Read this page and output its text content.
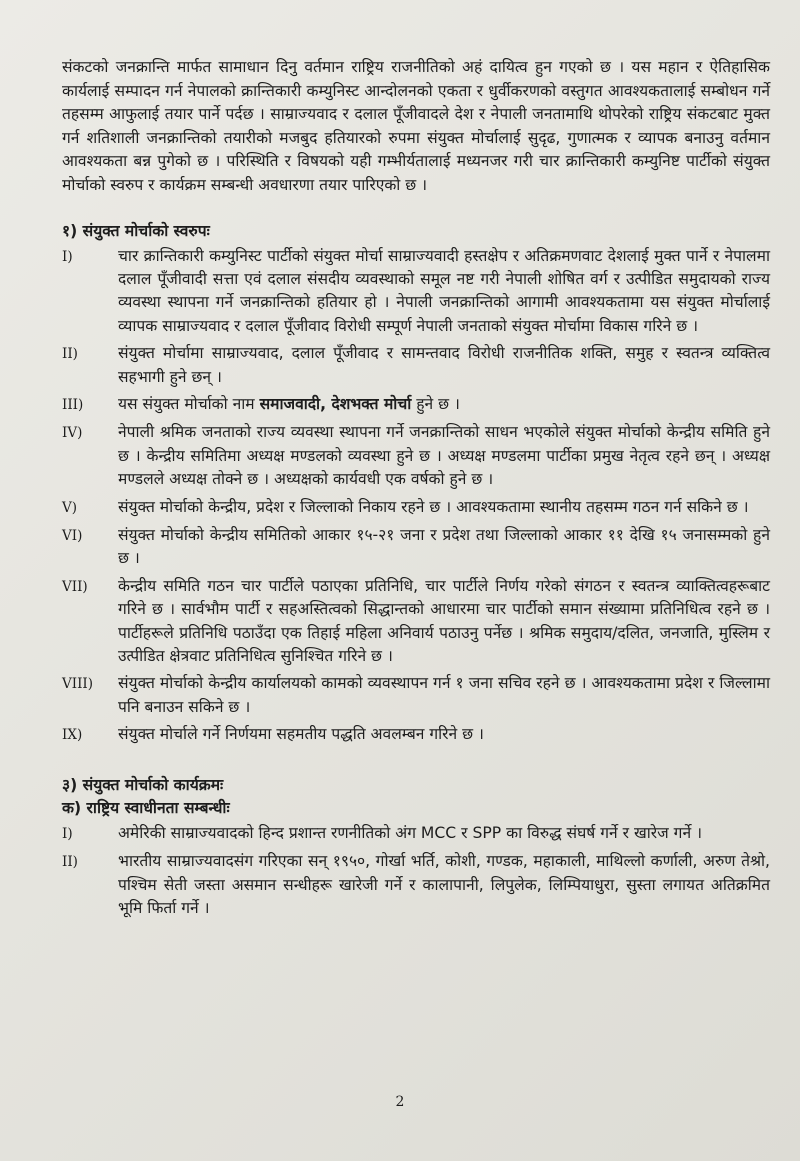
संकटको जनक्रान्ति मार्फत सामाधान दिनु वर्तमान राष्ट्रिय राजनीतिको अहं दायित्व हुन गएको छ । यस महान र ऐतिहासिक कार्यलाई सम्पादन गर्न नेपालको क्रान्तिकारी कम्युनिस्ट आन्दोलनको एकता र धुर्वीकरणको वस्तुगत आवश्यकतालाई सम्बोधन गर्ने तहसम्म आफुलाई तयार पार्ने पर्दछ । साम्राज्यवाद र दलाल पूँजीवादले देश र नेपाली जनतामाथि थोपरेको राष्ट्रिय संकटबाट मुक्त गर्न शतिशाली जनक्रान्तिको तयारीको मजबुद हतियारको रुपमा संयुक्त मोर्चालाई सुदृढ, गुणात्मक र व्यापक बनाउनु वर्तमान आवश्यकता बन्न पुगेको छ । परिस्थिति र विषयको यही गम्भीर्यतालाई मध्यनजर गरी चार क्रान्तिकारी कम्युनिष्ट पार्टीको संयुक्त मोर्चाको स्वरुप र कार्यक्रम सम्बन्धी अवधारणा तयार पारिएको छ ।

१) संयुक्त मोर्चाको स्वरुपः
I)	चार क्रान्तिकारी कम्युनिस्ट पार्टीको संयुक्त मोर्चा साम्राज्यवादी हस्तक्षेप र अतिक्रमणवाट देशलाई मुक्त पार्ने र नेपालमा दलाल पूँजीवादी सत्ता एवं दलाल संसदीय व्यवस्थाको समूल नष्ट गरी नेपाली शोषित वर्ग र उत्पीडित समुदायको राज्य व्यवस्था स्थापना गर्ने जनक्रान्तिको हतियार हो । नेपाली जनक्रान्तिको आगामी आवश्यकतामा यस संयुक्त मोर्चालाई व्यापक साम्राज्यवाद र दलाल पूँजीवाद विरोधी सम्पूर्ण नेपाली जनताको संयुक्त मोर्चामा विकास गरिने छ ।
II)	संयुक्त मोर्चामा साम्राज्यवाद, दलाल पूँजीवाद र सामन्तवाद विरोधी राजनीतिक शक्ति, समुह र स्वतन्त्र व्यक्तित्व सहभागी हुने छन् ।
III)	यस संयुक्त मोर्चाको नाम समाजवादी, देशभक्त मोर्चा हुने छ ।
IV)	नेपाली श्रमिक जनताको राज्य व्यवस्था स्थापना गर्ने जनक्रान्तिको साधन भएकोले संयुक्त मोर्चाको केन्द्रीय समिति हुने छ । केन्द्रीय समितिमा अध्यक्ष मण्डलको व्यवस्था हुने छ । अध्यक्ष मण्डलमा पार्टीका प्रमुख नेतृत्व रहने छन् । अध्यक्ष मण्डलले अध्यक्ष तोक्ने छ । अध्यक्षको कार्यवधी एक वर्षको हुने छ ।
V)	संयुक्त मोर्चाको केन्द्रीय, प्रदेश र जिल्लाको निकाय रहने छ । आवश्यकतामा स्थानीय तहसम्म गठन गर्न सकिने छ ।
VI)	संयुक्त मोर्चाको केन्द्रीय समितिको आकार १५-२१ जना र प्रदेश तथा जिल्लाको आकार ११ देखि १५ जनासम्मको हुने छ ।
VII)	केन्द्रीय समिति गठन चार पार्टीले पठाएका प्रतिनिधि, चार पार्टीले निर्णय गरेको संगठन र स्वतन्त्र व्याक्तित्वहरूबाट गरिने छ । सार्वभौम पार्टी र सहअस्तित्वको सिद्धान्तको आधारमा चार पार्टीको समान संख्यामा प्रतिनिधित्व रहने छ । पार्टीहरूले प्रतिनिधि पठाउँदा एक तिहाई महिला अनिवार्य पठाउनु पर्नेछ । श्रमिक समुदाय/दलित, जनजाति, मुस्लिम र उत्पीडित क्षेत्रवाट प्रतिनिधित्व सुनिश्चित गरिने छ ।
VIII)	संयुक्त मोर्चाको केन्द्रीय कार्यालयको कामको व्यवस्थापन गर्न १ जना सचिव रहने छ । आवश्यकतामा प्रदेश र जिल्लामा पनि बनाउन सकिने छ ।
IX)	संयुक्त मोर्चाले गर्ने निर्णयमा सहमतीय पद्धति अवलम्बन गरिने छ ।
३) संयुक्त मोर्चाको कार्यक्रमः
क) राष्ट्रिय स्वाधीनता सम्बन्धीः
I)	अमेरिकी साम्राज्यवादको हिन्द प्रशान्त रणनीतिको अंग MCC र SPP का विरुद्ध संघर्ष गर्ने र खारेज गर्ने ।
II)	भारतीय साम्राज्यवादसंग गरिएका सन् १९५०, गोर्खा भर्ति, कोशी, गण्डक, महाकाली, माथिल्लो कर्णाली, अरुण तेश्रो, पश्चिम सेती जस्ता असमान सन्धीहरू खारेजी गर्ने र कालापानी, लिपुलेक, लिम्पियाधुरा, सुस्ता लगायत अतिक्रमित भूमि फिर्ता गर्ने ।
2
